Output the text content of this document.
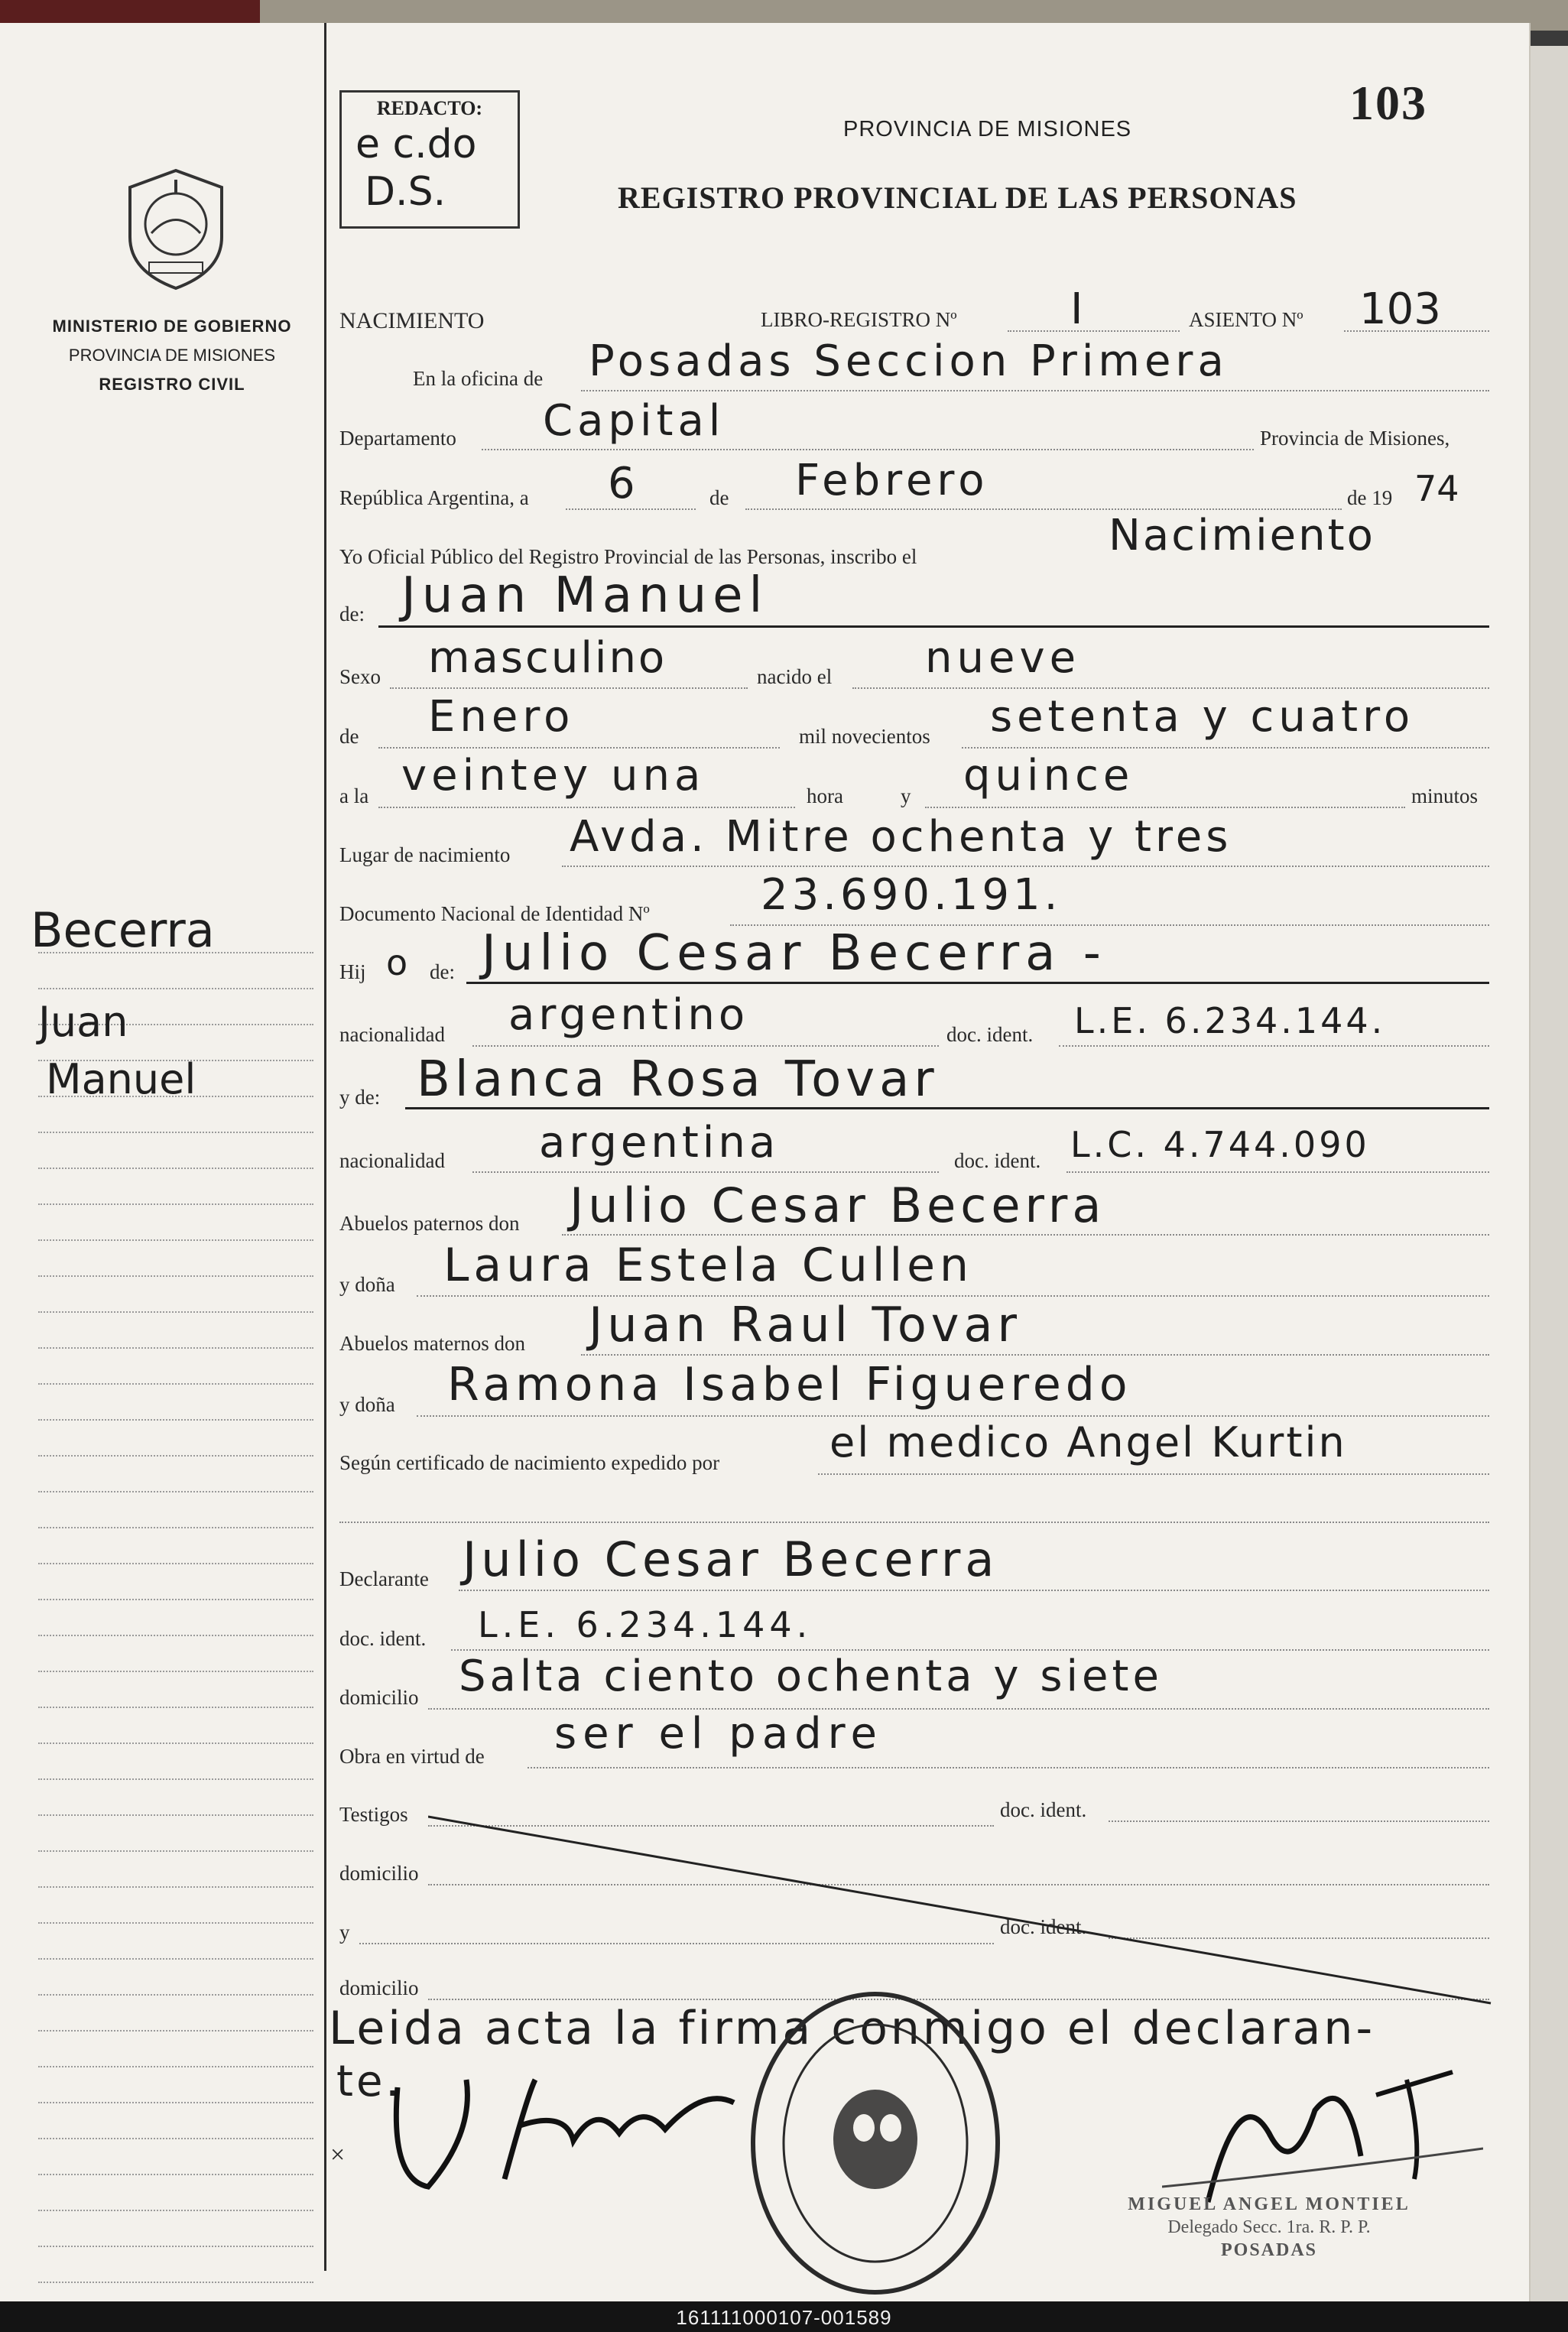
MINISTERIO DE GOBIERNO
PROVINCIA DE MISIONES
REGISTRO CIVIL
Becerra
Juan
Manuel
REDACTO:
e c.do
D.S.
103
PROVINCIA DE MISIONES
REGISTRO PROVINCIAL DE LAS PERSONAS
NACIMIENTO	LIBRO-REGISTRO Nº	I	ASIENTO Nº 103
En la oficina de Posadas Seccion Primera
Departamento Capital	Provincia de Misiones,
República Argentina, a 6	de Febrero	de 19 74
Yo Oficial Público del Registro Provincial de las Personas, inscribo el	Nacimiento
de: Juan Manuel
Sexo masculino	nacido el nueve
de Enero	mil novecientos setenta y cuatro
a la veintey una	hora	y quince	minutos
Lugar de nacimiento Avda. Mitre ochenta y tres
Documento Nacional de Identidad Nº	23.690.191.
Hij o de: Julio Cesar Becerra -
nacionalidad argentino	doc. ident. L.E. 6.234.144.
y de: Blanca Rosa Tovar
nacionalidad argentina	doc. ident. L.C. 4.744.090
Abuelos paternos don Julio Cesar Becerra
y doña Laura Estela Cullen
Abuelos maternos don Juan Raul Tovar
y doña Ramona Isabel Figueredo
Según certificado de nacimiento expedido por	el medico Angel Kurtin
Declarante Julio Cesar Becerra
doc. ident. L.E. 6.234.144.
domicilio Salta ciento ochenta y siete
Obra en virtud de ser el padre
Testigos	doc. ident.
domicilio
y	doc. ident.
domicilio
Leida acta la firma conmigo el declaran-
te.
×
MIGUEL ANGEL MONTIEL
Delegado Secc. 1ra. R. P. P.
POSADAS
161111000107-001589
